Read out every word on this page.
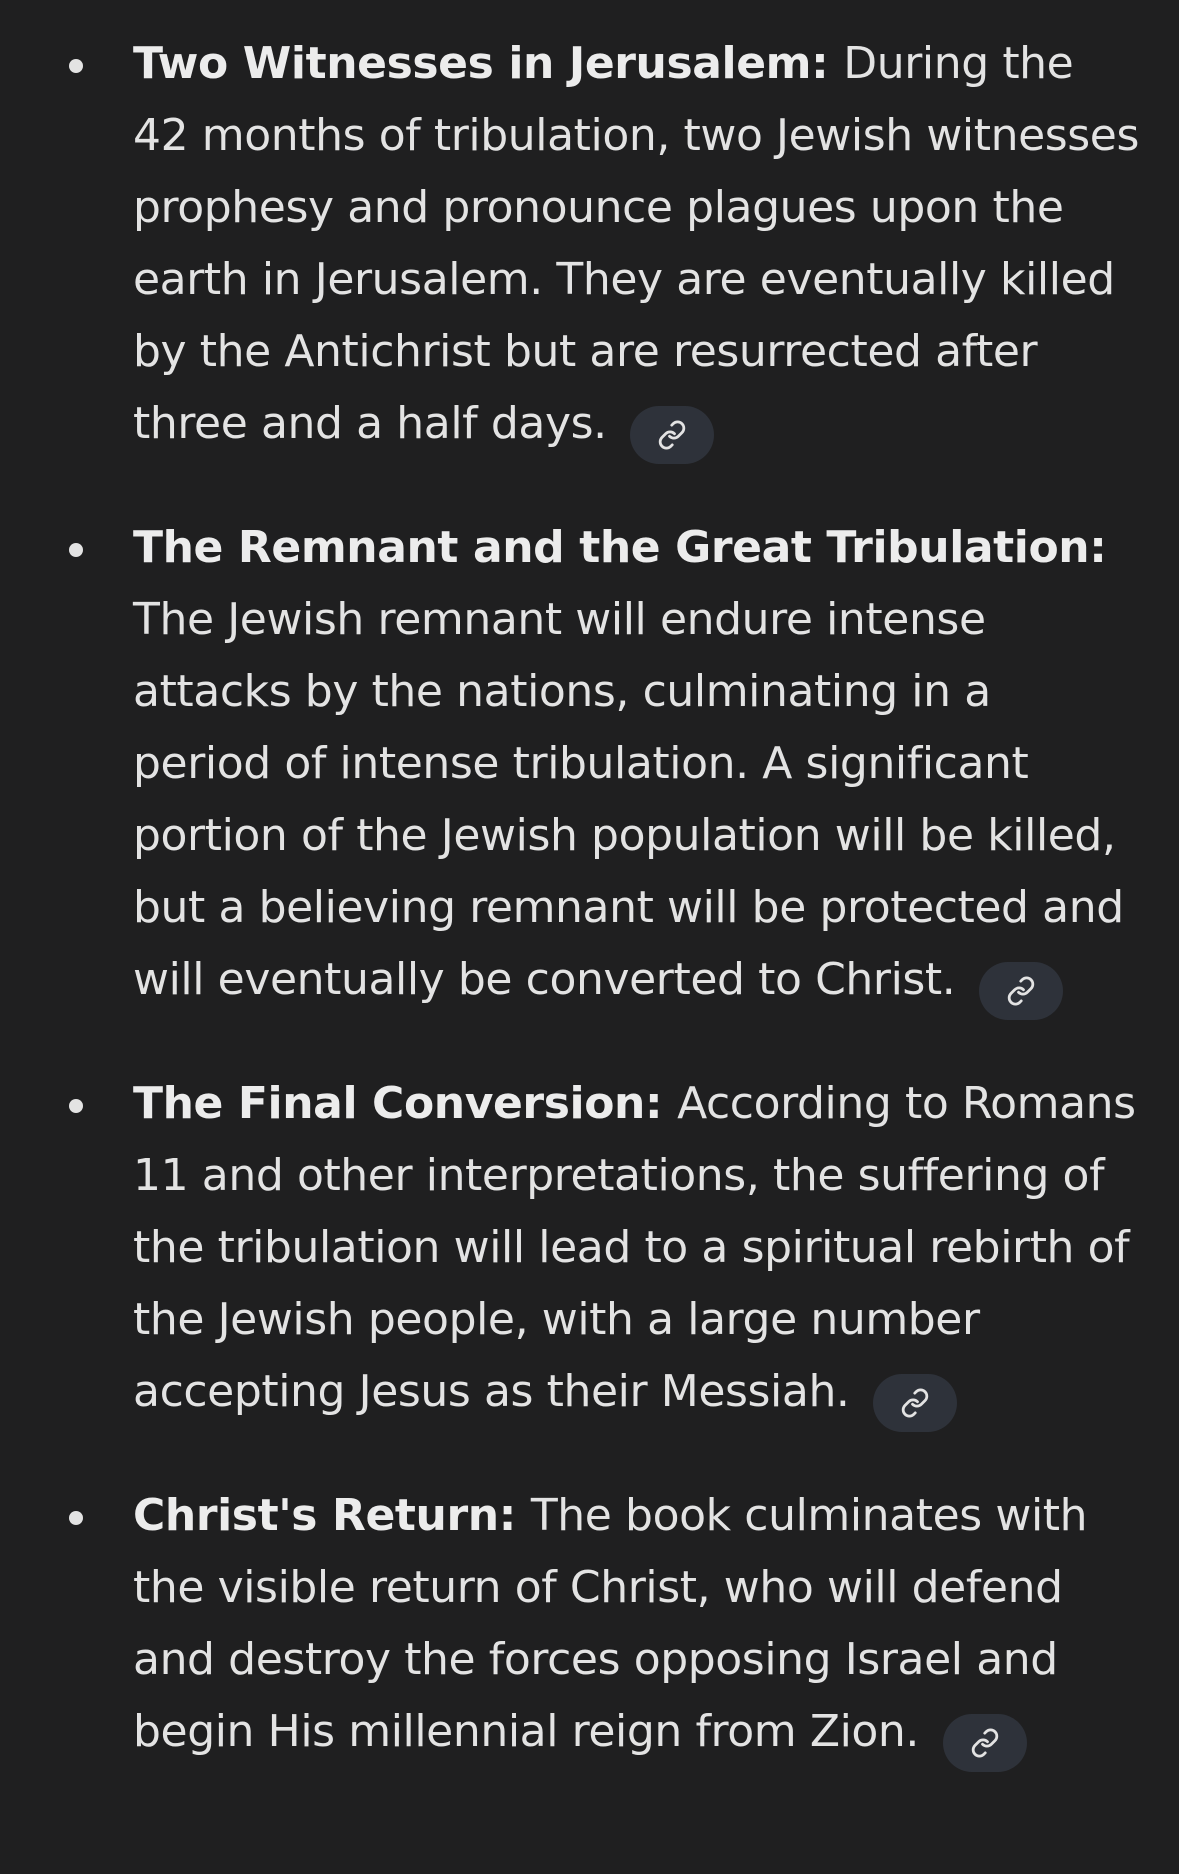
Two Witnesses in Jerusalem: During the 42 months of tribulation, two Jewish witnesses prophesy and pronounce plagues upon the earth in Jerusalem. They are eventually killed by the Antichrist but are resurrected after three and a half days.
The Remnant and the Great Tribulation: The Jewish remnant will endure intense attacks by the nations, culminating in a period of intense tribulation. A significant portion of the Jewish population will be killed, but a believing remnant will be protected and will eventually be converted to Christ.
The Final Conversion: According to Romans 11 and other interpretations, the suffering of the tribulation will lead to a spiritual rebirth of the Jewish people, with a large number accepting Jesus as their Messiah.
Christ's Return: The book culminates with the visible return of Christ, who will defend and destroy the forces opposing Israel and begin His millennial reign from Zion.
